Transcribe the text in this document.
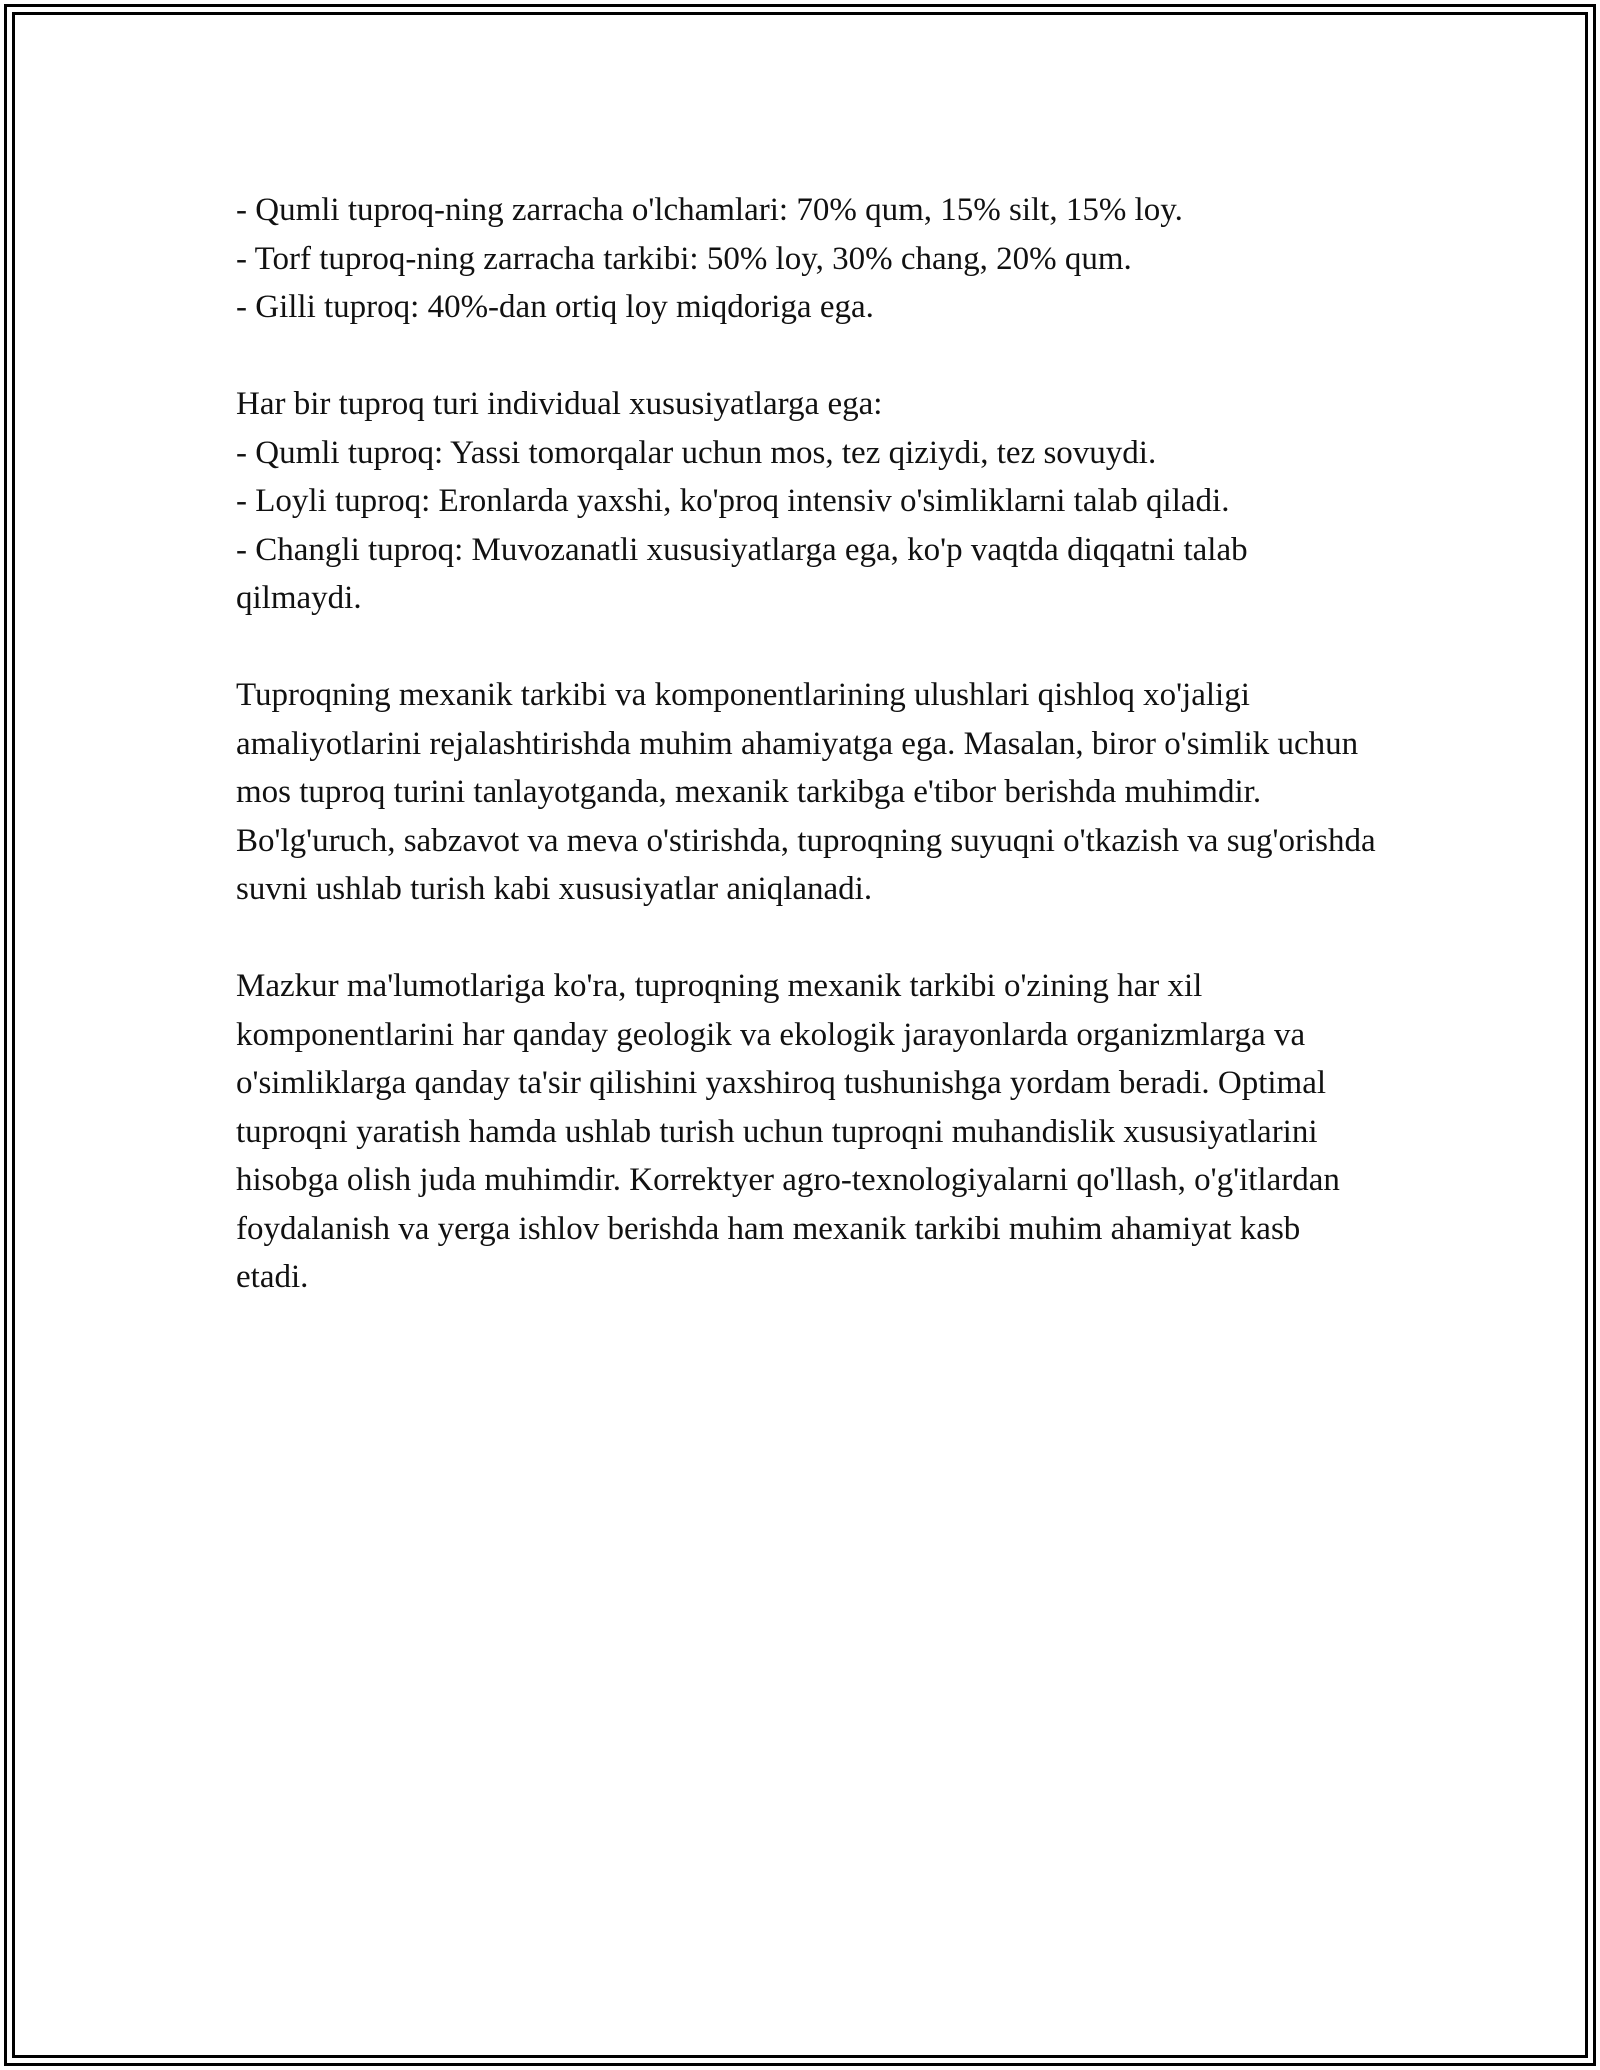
- Qumli tuproq-ning zarracha o'lchamlari: 70% qum, 15% silt, 15% loy.

- Torf tuproq-ning zarracha tarkibi: 50% loy, 30% chang, 20% qum.

- Gilli tuproq: 40%-dan ortiq loy miqdoriga ega.

Har bir tuproq turi individual xususiyatlarga ega:

- Qumli tuproq: Yassi tomorqalar uchun mos, tez qiziydi, tez sovuydi.

- Loyli tuproq: Eronlarda yaxshi, ko'proq intensiv o'simliklarni talab qiladi.

- Changli tuproq: Muvozanatli xususiyatlarga ega, ko'p vaqtda diqqatni talab qilmaydi.

Tuproqning mexanik tarkibi va komponentlarining ulushlari qishloq xo'jaligi amaliyotlarini rejalashtirishda muhim ahamiyatga ega. Masalan, biror o'simlik uchun mos tuproq turini tanlayotganda, mexanik tarkibga e'tibor berishda muhimdir. Bo'lg'uruch, sabzavot va meva o'stirishda, tuproqning suyuqni o'tkazish va sug'orishda suvni ushlab turish kabi xususiyatlar aniqlanadi.

Mazkur ma'lumotlariga ko'ra, tuproqning mexanik tarkibi o'zining har xil komponentlarini har qanday geologik va ekologik jarayonlarda organizmlarga va o'simliklarga qanday ta'sir qilishini yaxshiroq tushunishga yordam beradi. Optimal tuproqni yaratish hamda ushlab turish uchun tuproqni muhandislik xususiyatlarini hisobga olish juda muhimdir. Korrektyer agro-texnologiyalarni qo'llash, o'g'itlardan foydalanish va yerga ishlov berishda ham mexanik tarkibi muhim ahamiyat kasb etadi.
